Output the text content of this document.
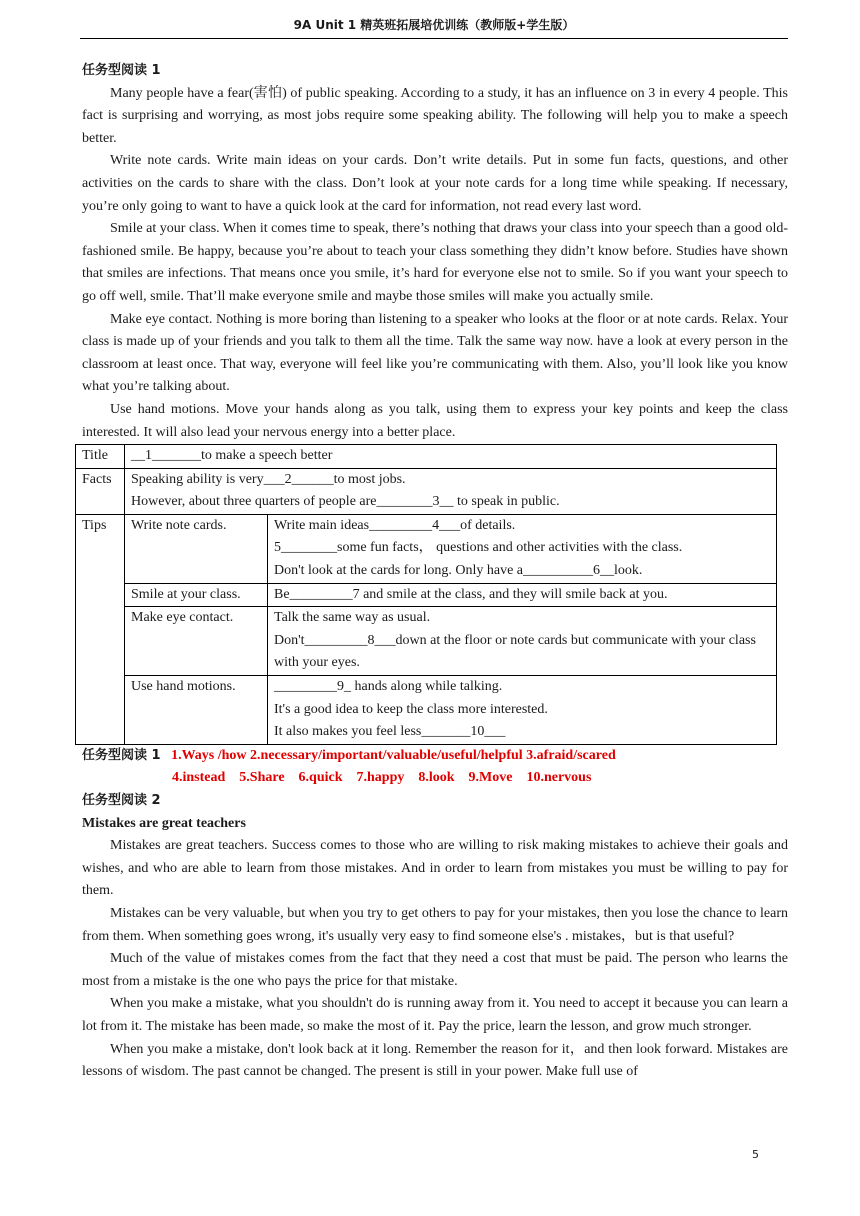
9A Unit 1 精英班拓展培优训练（教师版+学生版）

任务型阅读 1

Many people have a fear(害怕) of public speaking. According to a study, it has an influence on 3 in every 4 people. This fact is surprising and worrying, as most jobs require some speaking ability. The following will help you to make a speech better.

Write note cards. Write main ideas on your cards. Don’t write details. Put in some fun facts, questions, and other activities on the cards to share with the class. Don’t look at your note cards for a long time while speaking. If necessary, you’re only going to want to have a quick look at the card for information, not read every last word.

Smile at your class. When it comes time to speak, there’s nothing that draws your class into your speech than a good old-fashioned smile. Be happy, because you’re about to teach your class something they didn’t know before. Studies have shown that smiles are infections. That means once you smile, it’s hard for everyone else not to smile. So if you want your speech to go off well, smile. That’ll make everyone smile and maybe those smiles will make you actually smile.

Make eye contact. Nothing is more boring than listening to a speaker who looks at the floor or at note cards. Relax. Your class is made up of your friends and you talk to them all the time. Talk the same way now. have a look at every person in the classroom at least once. That way, everyone will feel like you’re communicating with them. Also, you’ll look like you know what you’re talking about.

Use hand motions. Move your hands along as you talk, using them to express your key points and keep the class interested. It will also lead your nervous energy into a better place.

Title	__1_______to make a speech better	
Facts	Speaking ability is very___2______to most jobs.
However, about three quarters of people are________3__ to speak in public.	

Tips	Write note cards.	Write main ideas_________4___of details.
5________some fun facts， questions and other activities with the class.
Don't look at the cards for long. Only have a__________6__look.

	Smile at your class.	Be_________7 and smile at the class, and they will smile back at you.
	Make eye contact.	Talk the same way as usual.
Don't_________8___down at the floor or note cards but communicate with your class with your eyes.

	Use hand motions.	_________9_ hands along while talking.
It's a good idea to keep the class more interested.
It also makes you feel less_______10___
任务型阅读 1 1.Ways /how 2.necessary/important/valuable/useful/helpful 3.afraid/scared
4.instead    5.Share    6.quick    7.happy    8.look    9.Move    10.nervous

任务型阅读 2

Mistakes are great teachers

Mistakes are great teachers. Success comes to those who are willing to risk making mistakes to achieve their goals and wishes, and who are able to learn from those mistakes. And in order to learn from mistakes you must be willing to pay for them.

Mistakes can be very valuable, but when you try to get others to pay for your mistakes, then you lose the chance to learn from them. When something goes wrong, it's usually very easy to find someone else's . mistakes，but is that useful?

Much of the value of mistakes comes from the fact that they need a cost that must be paid. The person who learns the most from a mistake is the one who pays the price for that mistake.

When you make a mistake, what you shouldn't do is running away from it. You need to accept it because you can learn a lot from it. The mistake has been made, so make the most of it. Pay the price, learn the lesson, and grow much stronger.

When you make a mistake, don't look back at it long. Remember the reason for it，and then look forward. Mistakes are lessons of wisdom. The past cannot be changed. The present is still in your power. Make full use of

5
